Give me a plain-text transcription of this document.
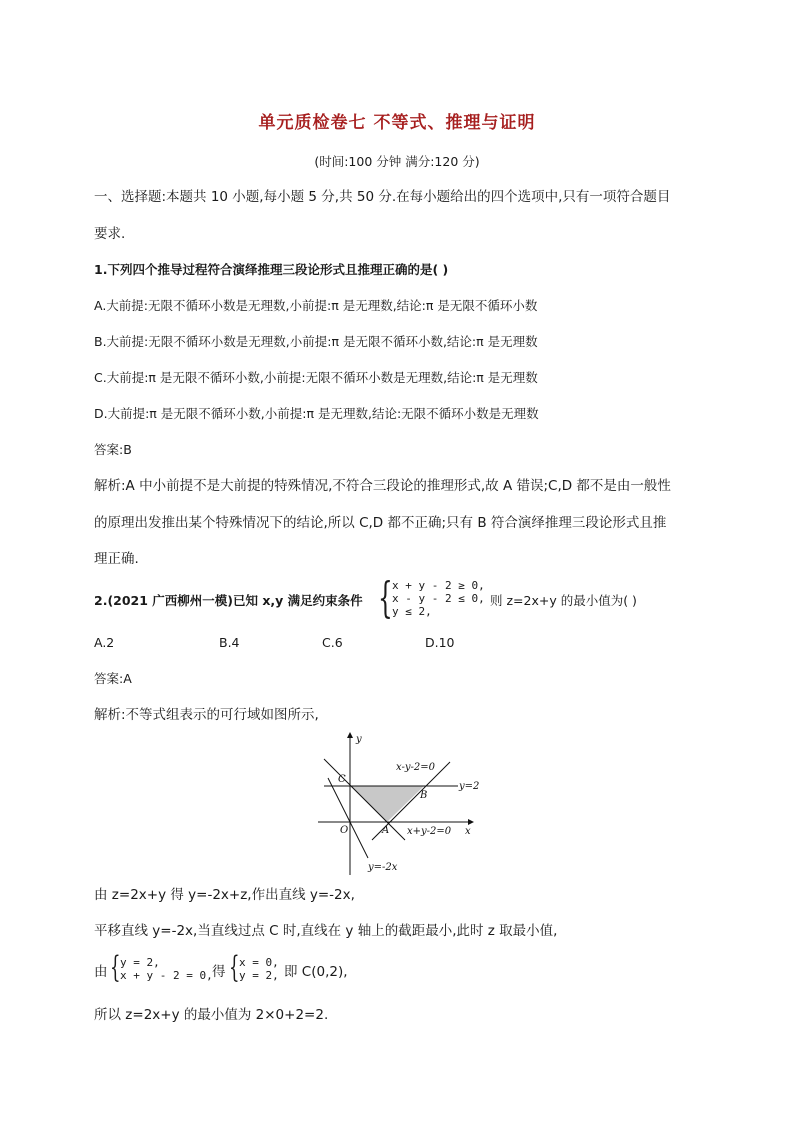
单元质检卷七 不等式、推理与证明
(时间:100 分钟 满分:120 分)
一、选择题:本题共 10 小题,每小题 5 分,共 50 分.在每小题给出的四个选项中,只有一项符合题目
要求.
1.下列四个推导过程符合演绎推理三段论形式且推理正确的是( )
A.大前提:无限不循环小数是无理数,小前提:π 是无理数,结论:π 是无限不循环小数
B.大前提:无限不循环小数是无理数,小前提:π 是无限不循环小数,结论:π 是无理数
C.大前提:π 是无限不循环小数,小前提:无限不循环小数是无理数,结论:π 是无理数
D.大前提:π 是无限不循环小数,小前提:π 是无理数,结论:无限不循环小数是无理数
答案:B
解析:A 中小前提不是大前提的特殊情况,不符合三段论的推理形式,故 A 错误;C,D 都不是由一般性
的原理出发推出某个特殊情况下的结论,所以 C,D 都不正确;只有 B 符合演绎推理三段论形式且推
理正确.
2.(2021 广西柳州一模)已知 x,y 满足约束条件 { x + y - 2 ≥ 0,
x - y - 2 ≤ 0,
y ≤ 2,
则 z=2x+y 的最小值为( )
A.2	B.4	C.6	D.10
答案:A
解析:不等式组表示的可行域如图所示,
y
x
O
C
B
A
x-y-2=0
y=2
x+y-2=0
y=-2x
由 z=2x+y 得 y=-2x+z,作出直线 y=-2x,
平移直线 y=-2x,当直线过点 C 时,直线在 y 轴上的截距最小,此时 z 取最小值,
由 { y = 2,
x + y - 2 = 0, 得 { x = 0,
y = 2, 即 C(0,2),
所以 z=2x+y 的最小值为 2×0+2=2.
